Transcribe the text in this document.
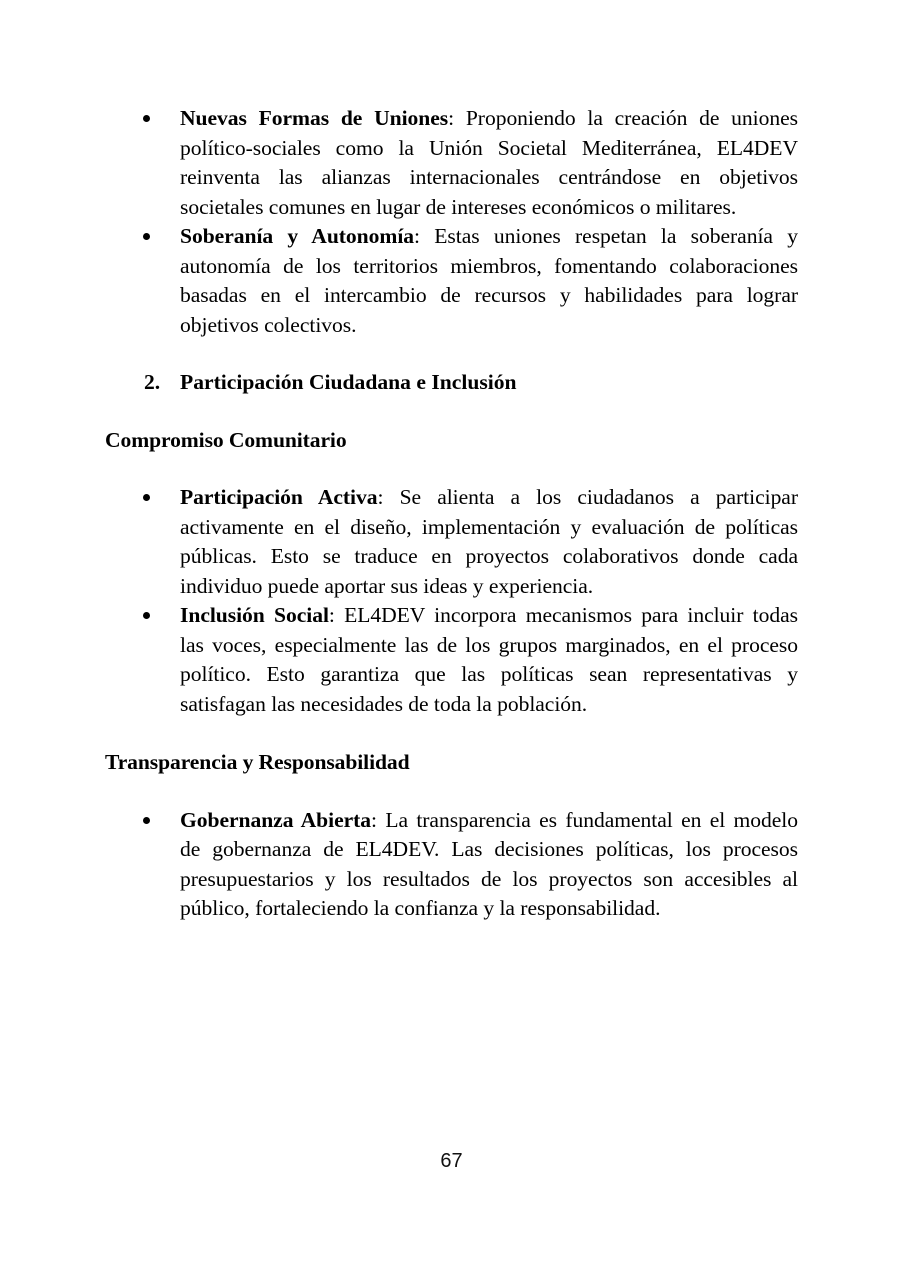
Nuevas Formas de Uniones: Proponiendo la creación de uniones político-sociales como la Unión Societal Mediterránea, EL4DEV reinventa las alianzas internacionales centrándose en objetivos societales comunes en lugar de intereses económicos o militares.
Soberanía y Autonomía: Estas uniones respetan la soberanía y autonomía de los territorios miembros, fomentando colaboraciones basadas en el intercambio de recursos y habilidades para lograr objetivos colectivos.
2. Participación Ciudadana e Inclusión
Compromiso Comunitario
Participación Activa: Se alienta a los ciudadanos a participar activamente en el diseño, implementación y evaluación de políticas públicas. Esto se traduce en proyectos colaborativos donde cada individuo puede aportar sus ideas y experiencia.
Inclusión Social: EL4DEV incorpora mecanismos para incluir todas las voces, especialmente las de los grupos marginados, en el proceso político. Esto garantiza que las políticas sean representativas y satisfagan las necesidades de toda la población.
Transparencia y Responsabilidad
Gobernanza Abierta: La transparencia es fundamental en el modelo de gobernanza de EL4DEV. Las decisiones políticas, los procesos presupuestarios y los resultados de los proyectos son accesibles al público, fortaleciendo la confianza y la responsabilidad.
67
